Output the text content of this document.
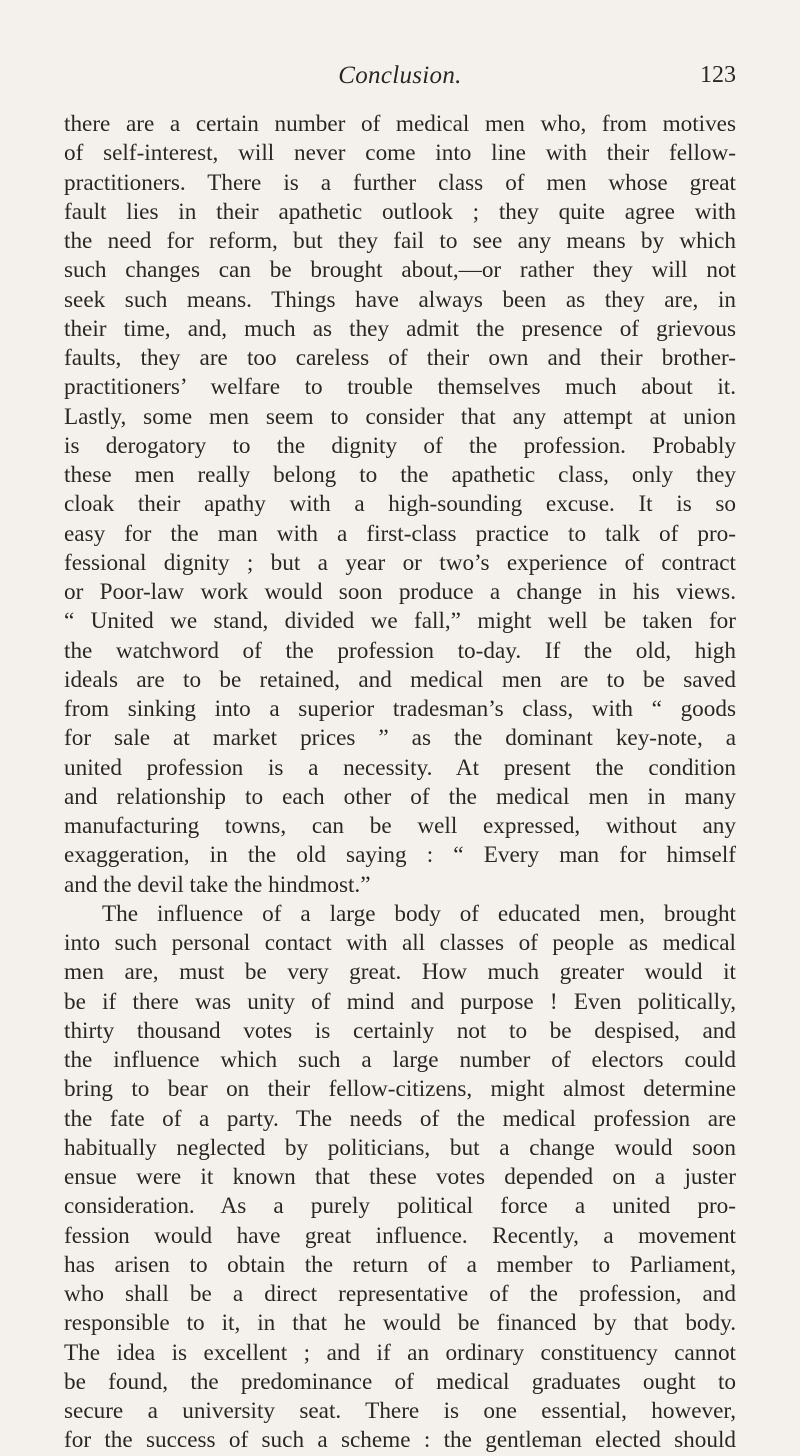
Conclusion.	123
there are a certain number of medical men who, from motives
of self-interest, will never come into line with their fellow-
practitioners. There is a further class of men whose great
fault lies in their apathetic outlook ; they quite agree with
the need for reform, but they fail to see any means by which
such changes can be brought about,—or rather they will not
seek such means. Things have always been as they are, in
their time, and, much as they admit the presence of grievous
faults, they are too careless of their own and their brother-
practitioners’ welfare to trouble themselves much about it.
Lastly, some men seem to consider that any attempt at union
is derogatory to the dignity of the profession. Probably
these men really belong to the apathetic class, only they
cloak their apathy with a high-sounding excuse. It is so
easy for the man with a first-class practice to talk of pro-
fessional dignity ; but a year or two’s experience of contract
or Poor-law work would soon produce a change in his views.
“ United we stand, divided we fall,” might well be taken for
the watchword of the profession to-day. If the old, high
ideals are to be retained, and medical men are to be saved
from sinking into a superior tradesman’s class, with “ goods
for sale at market prices ” as the dominant key-note, a
united profession is a necessity. At present the condition
and relationship to each other of the medical men in many
manufacturing towns, can be well expressed, without any
exaggeration, in the old saying : “ Every man for himself
and the devil take the hindmost.”
The influence of a large body of educated men, brought
into such personal contact with all classes of people as medical
men are, must be very great. How much greater would it
be if there was unity of mind and purpose ! Even politically,
thirty thousand votes is certainly not to be despised, and
the influence which such a large number of electors could
bring to bear on their fellow-citizens, might almost determine
the fate of a party. The needs of the medical profession are
habitually neglected by politicians, but a change would soon
ensue were it known that these votes depended on a juster
consideration. As a purely political force a united pro-
fession would have great influence. Recently, a movement
has arisen to obtain the return of a member to Parliament,
who shall be a direct representative of the profession, and
responsible to it, in that he would be financed by that body.
The idea is excellent ; and if an ordinary constituency cannot
be found, the predominance of medical graduates ought to
secure a university seat. There is one essential, however,
for the success of such a scheme : the gentleman elected should
